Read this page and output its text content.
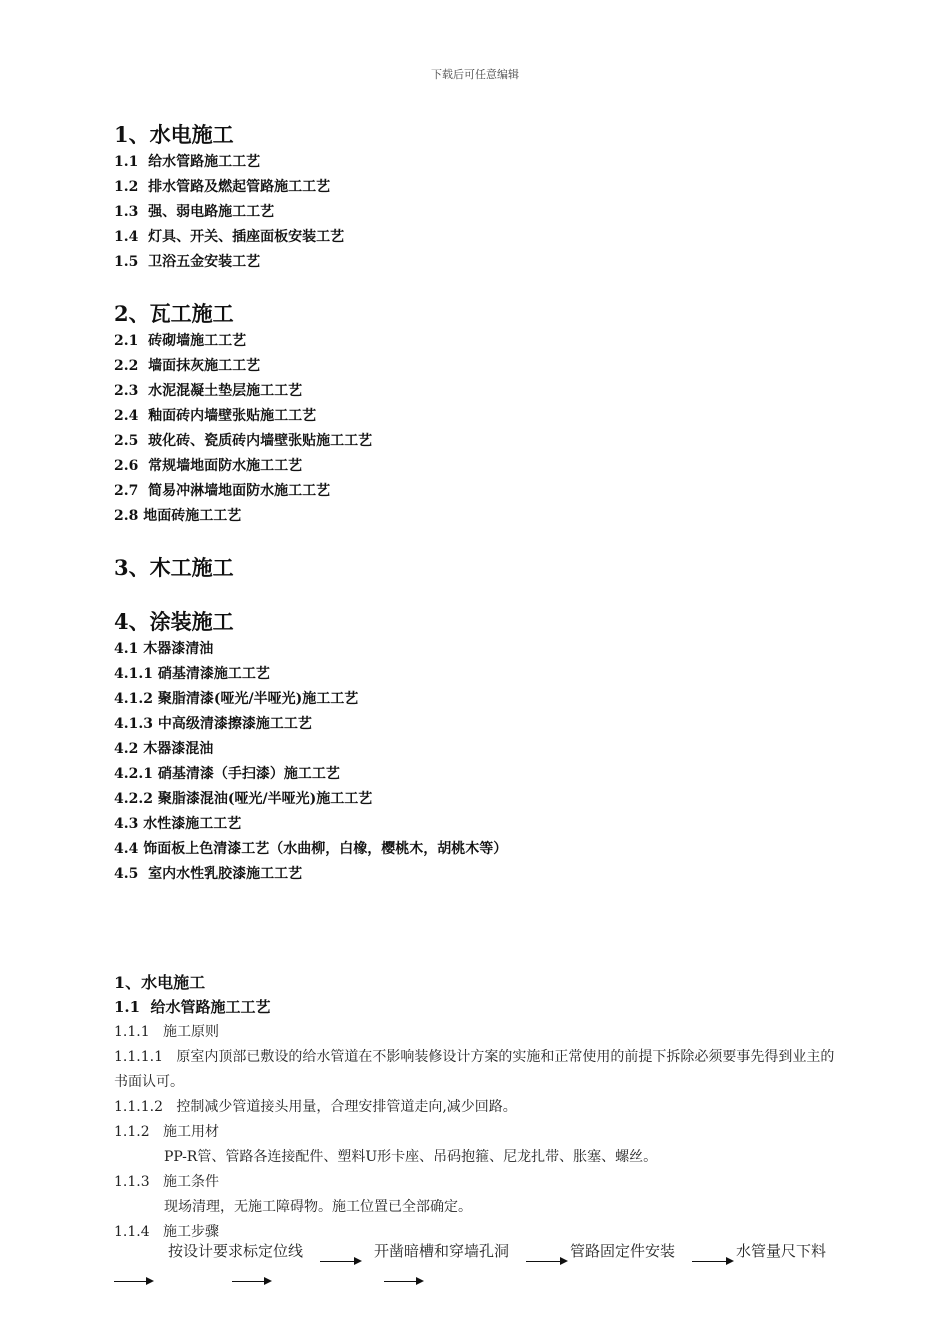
下载后可任意编辑
1、水电施工
1.1  给水管路施工工艺
1.2  排水管路及燃起管路施工工艺
1.3  强、弱电路施工工艺
1.4  灯具、开关、插座面板安装工艺
1.5  卫浴五金安装工艺
2、瓦工施工
2.1  砖砌墙施工工艺
2.2  墙面抹灰施工工艺
2.3  水泥混凝土垫层施工工艺
2.4  釉面砖内墙壁张贴施工工艺
2.5  玻化砖、瓷质砖内墙壁张贴施工工艺
2.6  常规墙地面防水施工工艺
2.7  简易冲淋墙地面防水施工工艺
2.8 地面砖施工工艺
3、木工施工
4、涂装施工
4.1 木器漆清油
4.1.1 硝基清漆施工工艺
4.1.2 聚脂清漆(哑光/半哑光)施工工艺
4.1.3 中高级清漆擦漆施工工艺
4.2 木器漆混油
4.2.1 硝基清漆（手扫漆）施工工艺
4.2.2 聚脂漆混油(哑光/半哑光)施工工艺
4.3 水性漆施工工艺
4.4 饰面板上色清漆工艺（水曲柳，白橡，樱桃木，胡桃木等）
4.5  室内水性乳胶漆施工工艺
1、水电施工
1.1  给水管路施工工艺
1.1.1   施工原则
1.1.1.1   原室内顶部已敷设的给水管道在不影响装修设计方案的实施和正常使用的前提下拆除必须要事先得到业主的书面认可。
1.1.1.2   控制减少管道接头用量，合理安排管道走向,减少回路。
1.1.2   施工用材
PP-R管、管路各连接配件、塑料U形卡座、吊码抱箍、尼龙扎带、胀塞、螺丝。
1.1.3   施工条件
现场清理，无施工障碍物。施工位置已全部确定。
1.1.4   施工步骤
按设计要求标定位线	开凿暗槽和穿墙孔洞	管路固定件安装	水管量尺下料
